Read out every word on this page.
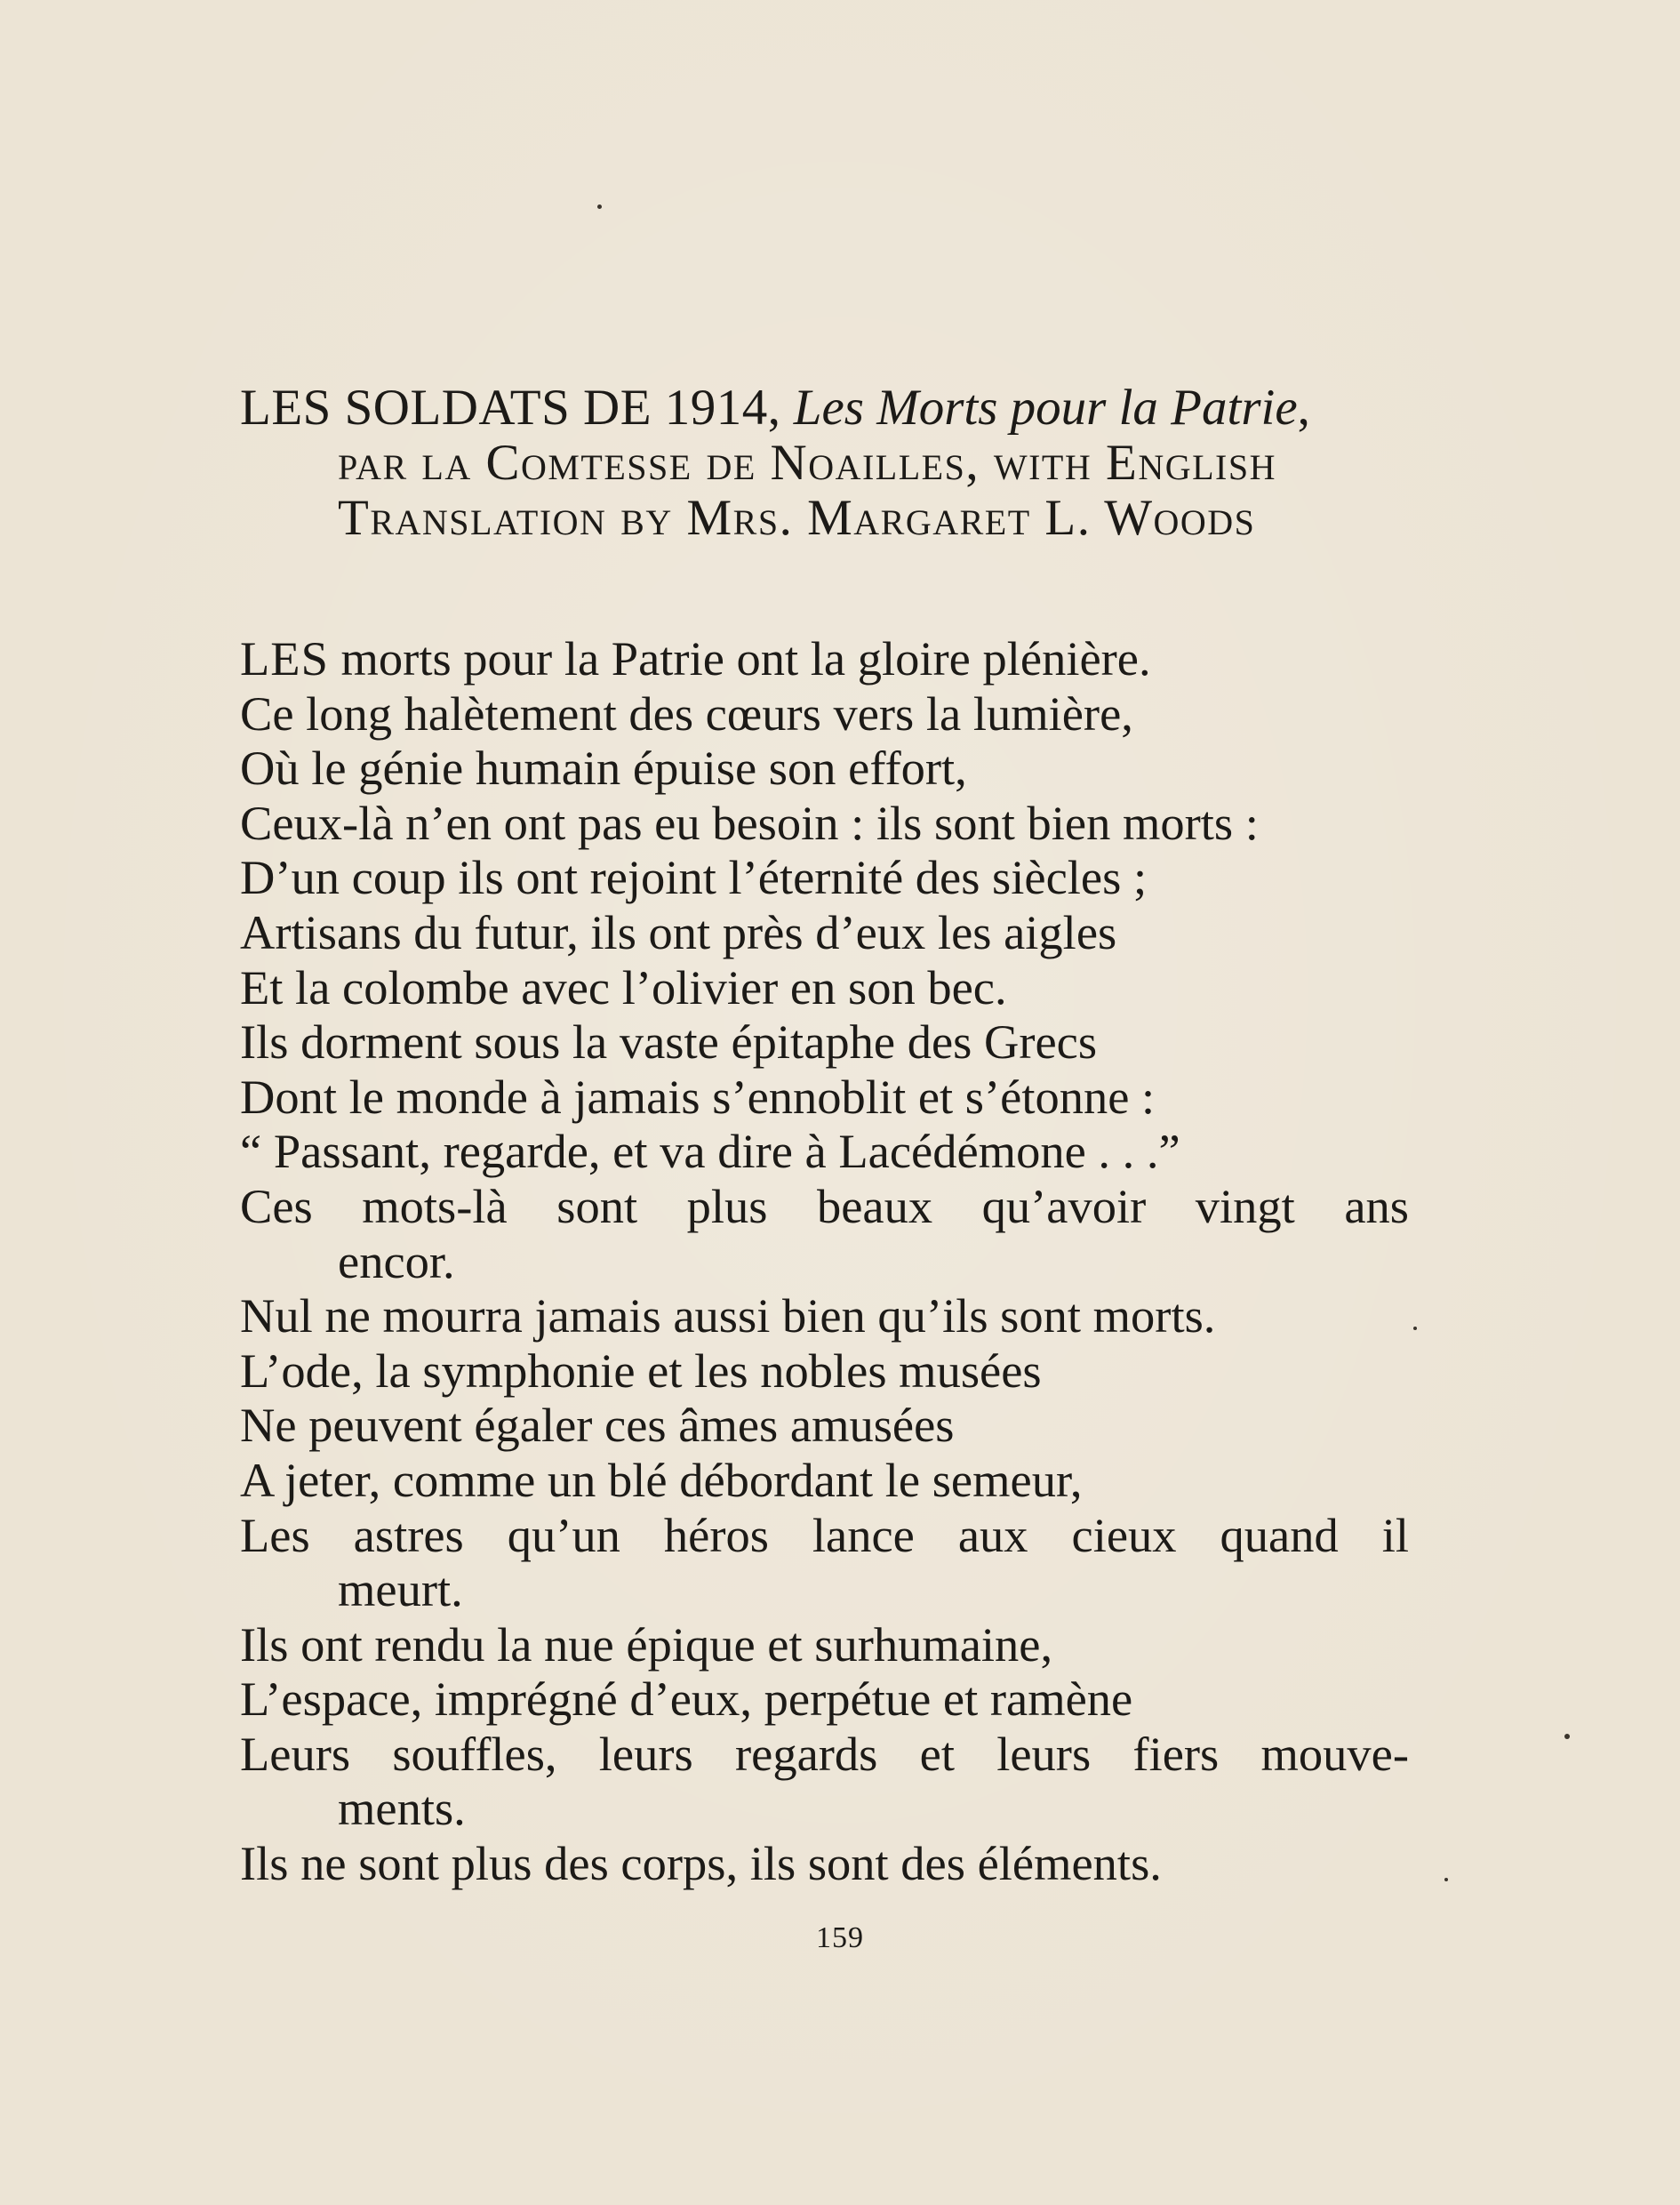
LES SOLDATS DE 1914, Les Morts pour la Patrie,
par la Comtesse de Noailles, with English
Translation by Mrs. Margaret L. Woods
LES morts pour la Patrie ont la gloire plénière.
Ce long halètement des cœurs vers la lumière,
Où le génie humain épuise son effort,
Ceux-là n’en ont pas eu besoin : ils sont bien morts :
D’un coup ils ont rejoint l’éternité des siècles ;
Artisans du futur, ils ont près d’eux les aigles
Et la colombe avec l’olivier en son bec.
Ils dorment sous la vaste épitaphe des Grecs
Dont le monde à jamais s’ennoblit et s’étonne :
“ Passant, regarde, et va dire à Lacédémone . . .”
Ces mots-là sont plus beaux qu’avoir vingt ans
encor.
Nul ne mourra jamais aussi bien qu’ils sont morts.
L’ode, la symphonie et les nobles musées
Ne peuvent égaler ces âmes amusées
A jeter, comme un blé débordant le semeur,
Les astres qu’un héros lance aux cieux quand il
meurt.
Ils ont rendu la nue épique et surhumaine,
L’espace, imprégné d’eux, perpétue et ramène
Leurs souffles, leurs regards et leurs fiers mouve-
ments.
Ils ne sont plus des corps, ils sont des éléments.
159
